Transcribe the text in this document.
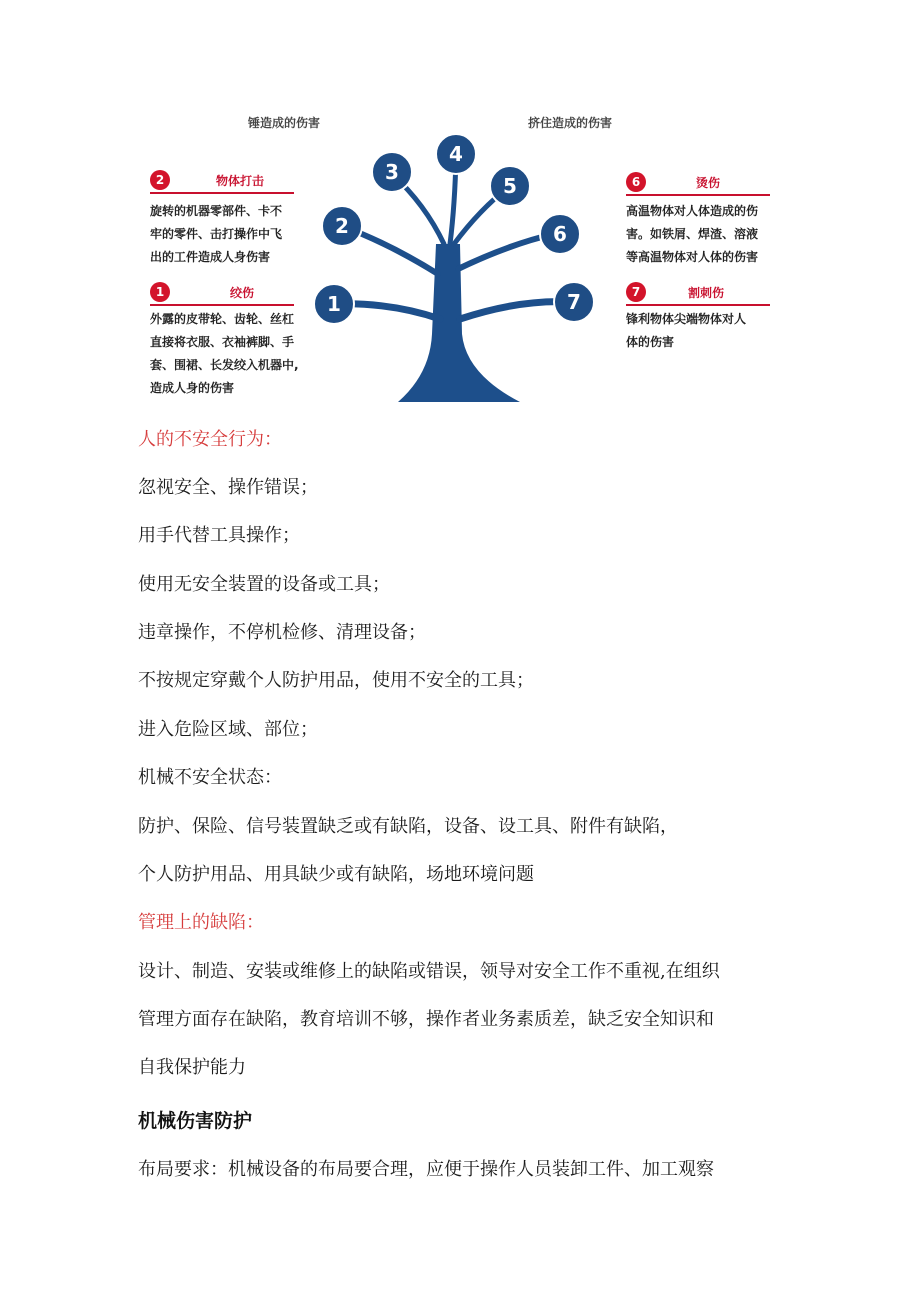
1
2
3
4
5
6
7
锤造成的伤害	挤住造成的伤害
2	物体打击
旋转的机器零部件、卡不
牢的零件、击打操作中飞
出的工件造成人身伤害
1	绞伤
外露的皮带轮、齿轮、丝杠
直接将衣服、衣袖裤脚、手
套、围裙、长发绞入机器中,
造成人身的伤害
6	烫伤
高温物体对人体造成的伤
害。如铁屑、焊渣、溶液
等高温物体对人体的伤害
7	割刺伤
锋利物体尖端物体对人
体的伤害
人的不安全行为：
忽视安全、操作错误；
用手代替工具操作；
使用无安全装置的设备或工具；
违章操作，不停机检修、清理设备；
不按规定穿戴个人防护用品，使用不安全的工具；
进入危险区域、部位；
机械不安全状态：
防护、保险、信号装置缺乏或有缺陷，设备、设工具、附件有缺陷，
个人防护用品、用具缺少或有缺陷，场地环境问题
管理上的缺陷：
设计、制造、安装或维修上的缺陷或错误，领导对安全工作不重视,在组织
管理方面存在缺陷，教育培训不够，操作者业务素质差，缺乏安全知识和
自我保护能力
机械伤害防护
布局要求：机械设备的布局要合理，应便于操作人员装卸工件、加工观察
